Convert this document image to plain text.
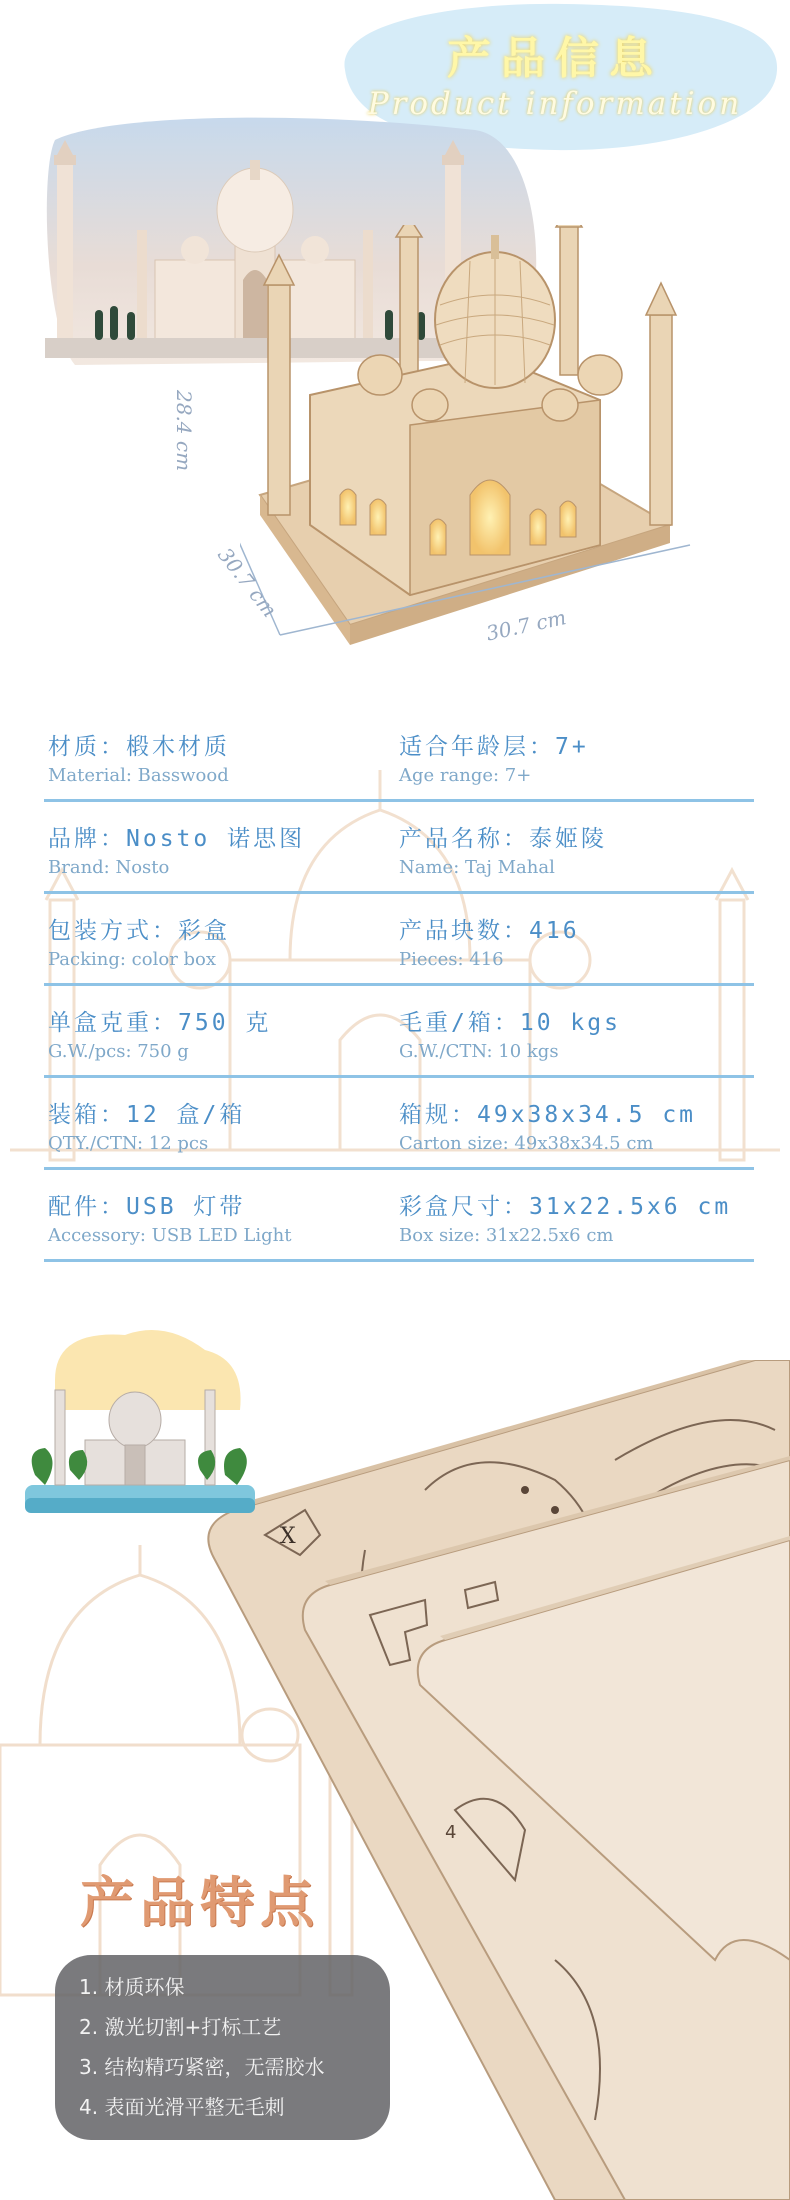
产品信息
Product information
28.4 cm
30.7 cm
30.7 cm
材质：椴木材质
Material: Basswood
适合年龄层：7+
Age range: 7+
品牌：Nosto 诺思图
Brand: Nosto
产品名称：泰姬陵
Name: Taj Mahal
包装方式：彩盒
Packing: color box
产品块数：416
Pieces: 416
单盒克重：750 克
G.W./pcs: 750 g
毛重/箱：10 kgs
G.W./CTN: 10 kgs
装箱：12 盒/箱
QTY./CTN: 12 pcs
箱规：49x38x34.5 cm
Carton size: 49x38x34.5 cm
配件：USB 灯带
Accessory: USB LED Light
彩盒尺寸：31x22.5x6 cm
Box size: 31x22.5x6 cm
X
4
产品特点
1. 材质环保
2. 激光切割+打标工艺
3. 结构精巧紧密，无需胶水
4. 表面光滑平整无毛刺
